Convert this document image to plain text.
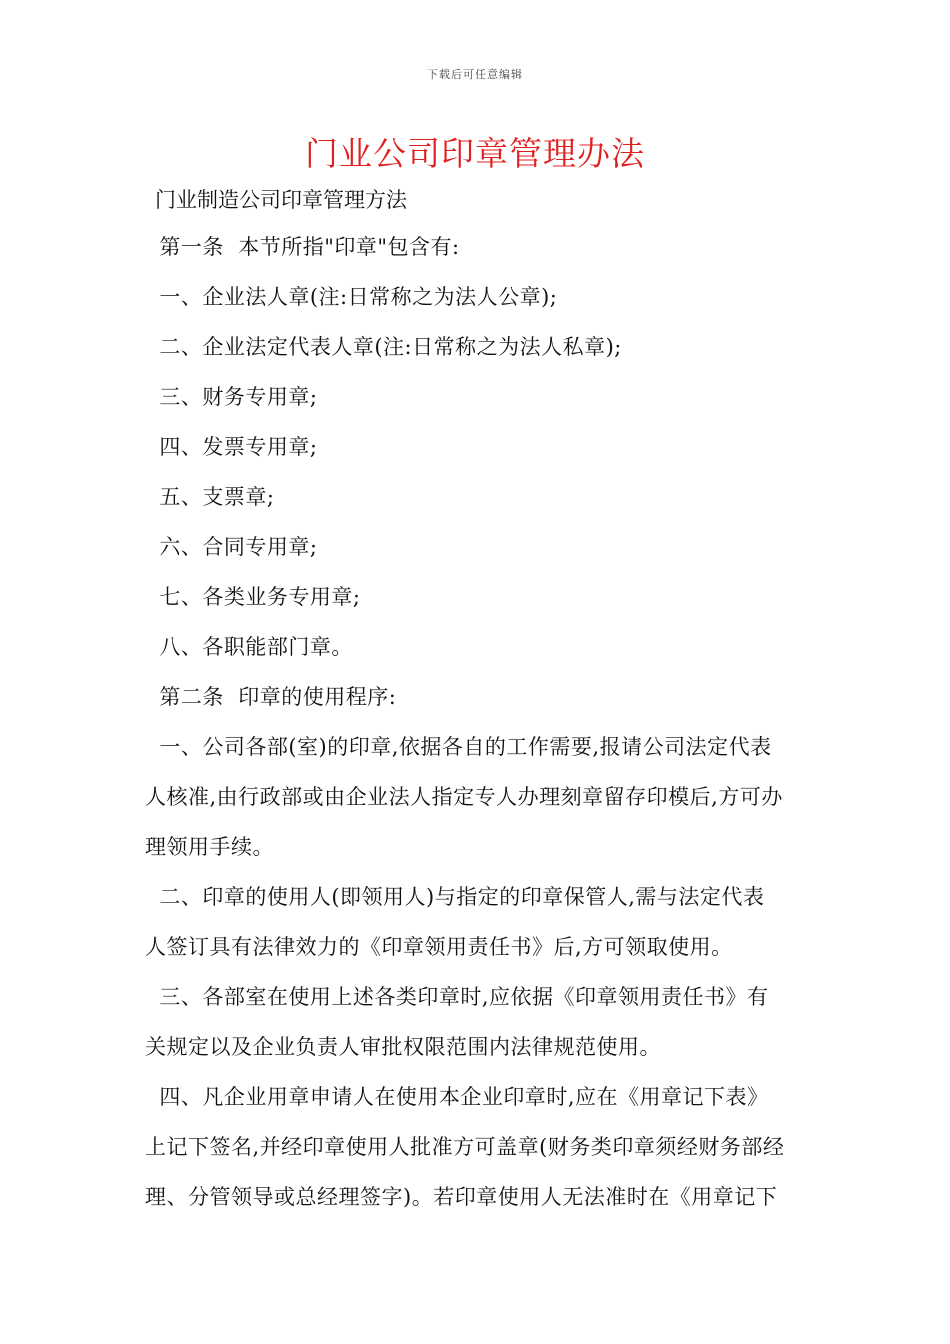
下载后可任意编辑
门业公司印章管理办法
门业制造公司印章管理方法
第一条  本节所指"印章"包含有:
一、企业法人章(注:日常称之为法人公章);
二、企业法定代表人章(注:日常称之为法人私章);
三、财务专用章;
四、发票专用章;
五、支票章;
六、合同专用章;
七、各类业务专用章;
八、各职能部门章。
第二条  印章的使用程序:
一、公司各部(室)的印章,依据各自的工作需要,报请公司法定代表
人核准,由行政部或由企业法人指定专人办理刻章留存印模后,方可办
理领用手续。
二、印章的使用人(即领用人)与指定的印章保管人,需与法定代表
人签订具有法律效力的《印章领用责任书》后,方可领取使用。
三、各部室在使用上述各类印章时,应依据《印章领用责任书》有
关规定以及企业负责人审批权限范围内法律规范使用。
四、凡企业用章申请人在使用本企业印章时,应在《用章记下表》
上记下签名,并经印章使用人批准方可盖章(财务类印章须经财务部经
理、分管领导或总经理签字)。若印章使用人无法准时在《用章记下
